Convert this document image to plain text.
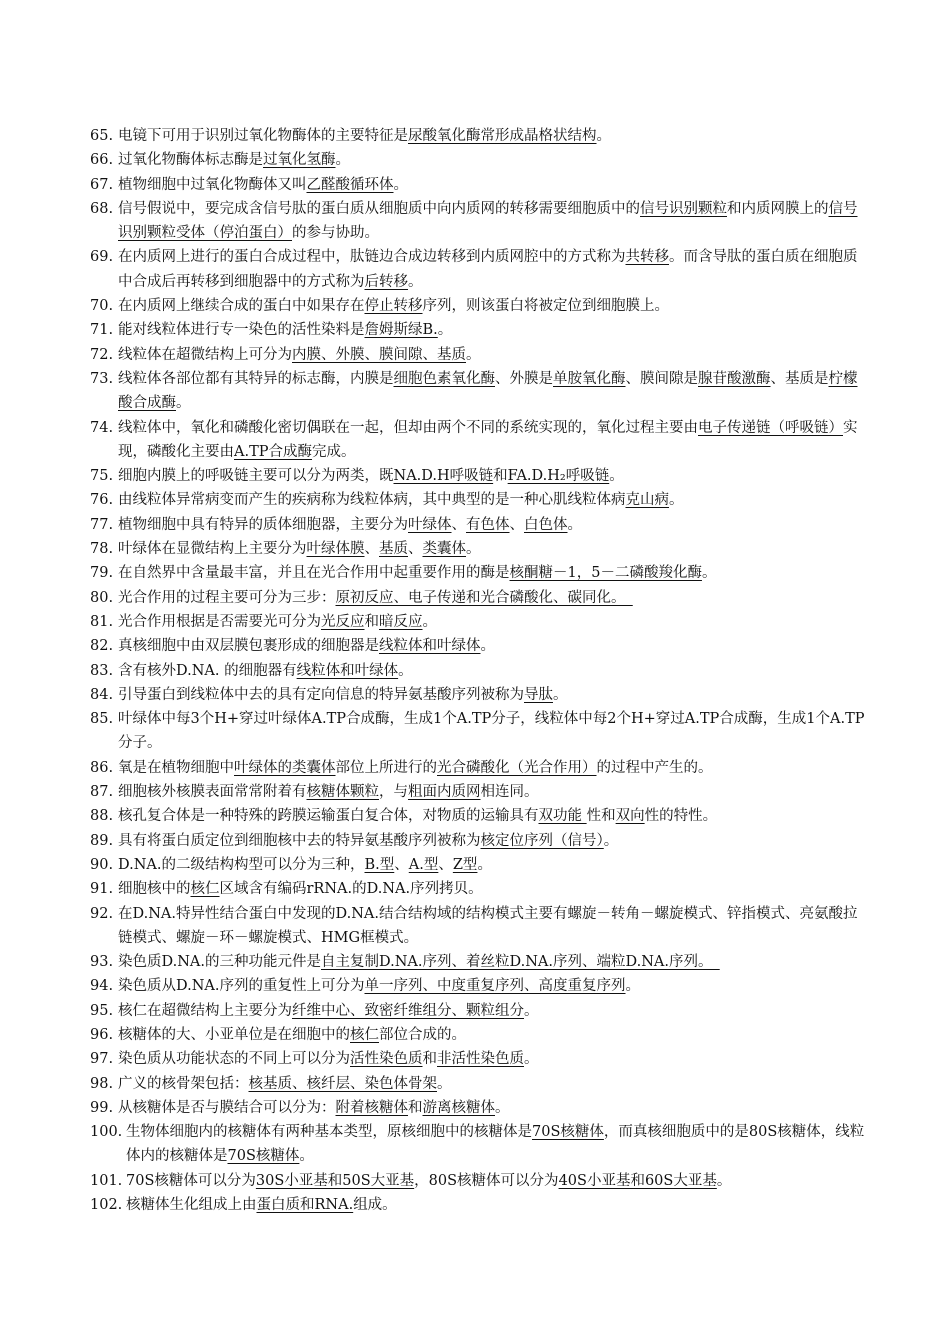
65. 电镜下可用于识别过氧化物酶体的主要特征是尿酸氧化酶常形成晶格状结构。

66. 过氧化物酶体标志酶是过氧化氢酶。

67. 植物细胞中过氧化物酶体又叫乙醛酸循环体。

68. 信号假说中，要完成含信号肽的蛋白质从细胞质中向内质网的转移需要细胞质中的信号识别颗粒和内质网膜上的信号识别颗粒受体（停泊蛋白）的参与协助。

69. 在内质网上进行的蛋白合成过程中，肽链边合成边转移到内质网腔中的方式称为共转移。而含导肽的蛋白质在细胞质中合成后再转移到细胞器中的方式称为后转移。

70. 在内质网上继续合成的蛋白中如果存在停止转移序列，则该蛋白将被定位到细胞膜上。

71. 能对线粒体进行专一染色的活性染料是詹姆斯绿B.。

72. 线粒体在超微结构上可分为内膜、外膜、膜间隙、基质。

73. 线粒体各部位都有其特异的标志酶，内膜是细胞色素氧化酶、外膜是单胺氧化酶、膜间隙是腺苷酸激酶、基质是柠檬酸合成酶。

74. 线粒体中，氧化和磷酸化密切偶联在一起，但却由两个不同的系统实现的，氧化过程主要由电子传递链（呼吸链）实现，磷酸化主要由A.TP合成酶完成。

75. 细胞内膜上的呼吸链主要可以分为两类，既NA.D.H呼吸链和FA.D.H₂呼吸链。

76. 由线粒体异常病变而产生的疾病称为线粒体病，其中典型的是一种心肌线粒体病克山病。

77. 植物细胞中具有特异的质体细胞器，主要分为叶绿体、有色体、白色体。

78. 叶绿体在显微结构上主要分为叶绿体膜、基质、类囊体。

79. 在自然界中含量最丰富，并且在光合作用中起重要作用的酶是核酮糖－1，5－二磷酸羧化酶。

80. 光合作用的过程主要可分为三步：原初反应、电子传递和光合磷酸化、碳同化。　

81. 光合作用根据是否需要光可分为光反应和暗反应。

82. 真核细胞中由双层膜包裹形成的细胞器是线粒体和叶绿体。

83. 含有核外D.NA. 的细胞器有线粒体和叶绿体。

84. 引导蛋白到线粒体中去的具有定向信息的特异氨基酸序列被称为导肽。

85. 叶绿体中每3个H+穿过叶绿体A.TP合成酶，生成1个A.TP分子，线粒体中每2个H+穿过A.TP合成酶，生成1个A.TP分子。

86. 氧是在植物细胞中叶绿体的类囊体部位上所进行的光合磷酸化（光合作用）的过程中产生的。

87. 细胞核外核膜表面常常附着有核糖体颗粒，与粗面内质网相连同。

88. 核孔复合体是一种特殊的跨膜运输蛋白复合体，对物质的运输具有双功能 性和双向性的特性。

89. 具有将蛋白质定位到细胞核中去的特异氨基酸序列被称为核定位序列（信号）。

90. D.NA.的二级结构构型可以分为三种，B.型、A.型、Z型。

91. 细胞核中的核仁区域含有编码rRNA.的D.NA.序列拷贝。

92. 在D.NA.特异性结合蛋白中发现的D.NA.结合结构域的结构模式主要有螺旋－转角－螺旋模式、锌指模式、亮氨酸拉链模式、螺旋－环－螺旋模式、HMG框模式。

93. 染色质D.NA.的三种功能元件是自主复制D.NA.序列、着丝粒D.NA.序列、端粒D.NA.序列。　

94. 染色质从D.NA.序列的重复性上可分为单一序列、中度重复序列、高度重复序列。

95. 核仁在超微结构上主要分为纤维中心、致密纤维组分、颗粒组分。

96. 核糖体的大、小亚单位是在细胞中的核仁部位合成的。

97. 染色质从功能状态的不同上可以分为活性染色质和非活性染色质。

98. 广义的核骨架包括：核基质、核纤层、染色体骨架。

99. 从核糖体是否与膜结合可以分为：附着核糖体和游离核糖体。

100. 生物体细胞内的核糖体有两种基本类型，原核细胞中的核糖体是70S核糖体，而真核细胞质中的是80S核糖体，线粒体内的核糖体是70S核糖体。

101. 70S核糖体可以分为30S小亚基和50S大亚基，80S核糖体可以分为40S小亚基和60S大亚基。

102. 核糖体生化组成上由蛋白质和RNA.组成。
